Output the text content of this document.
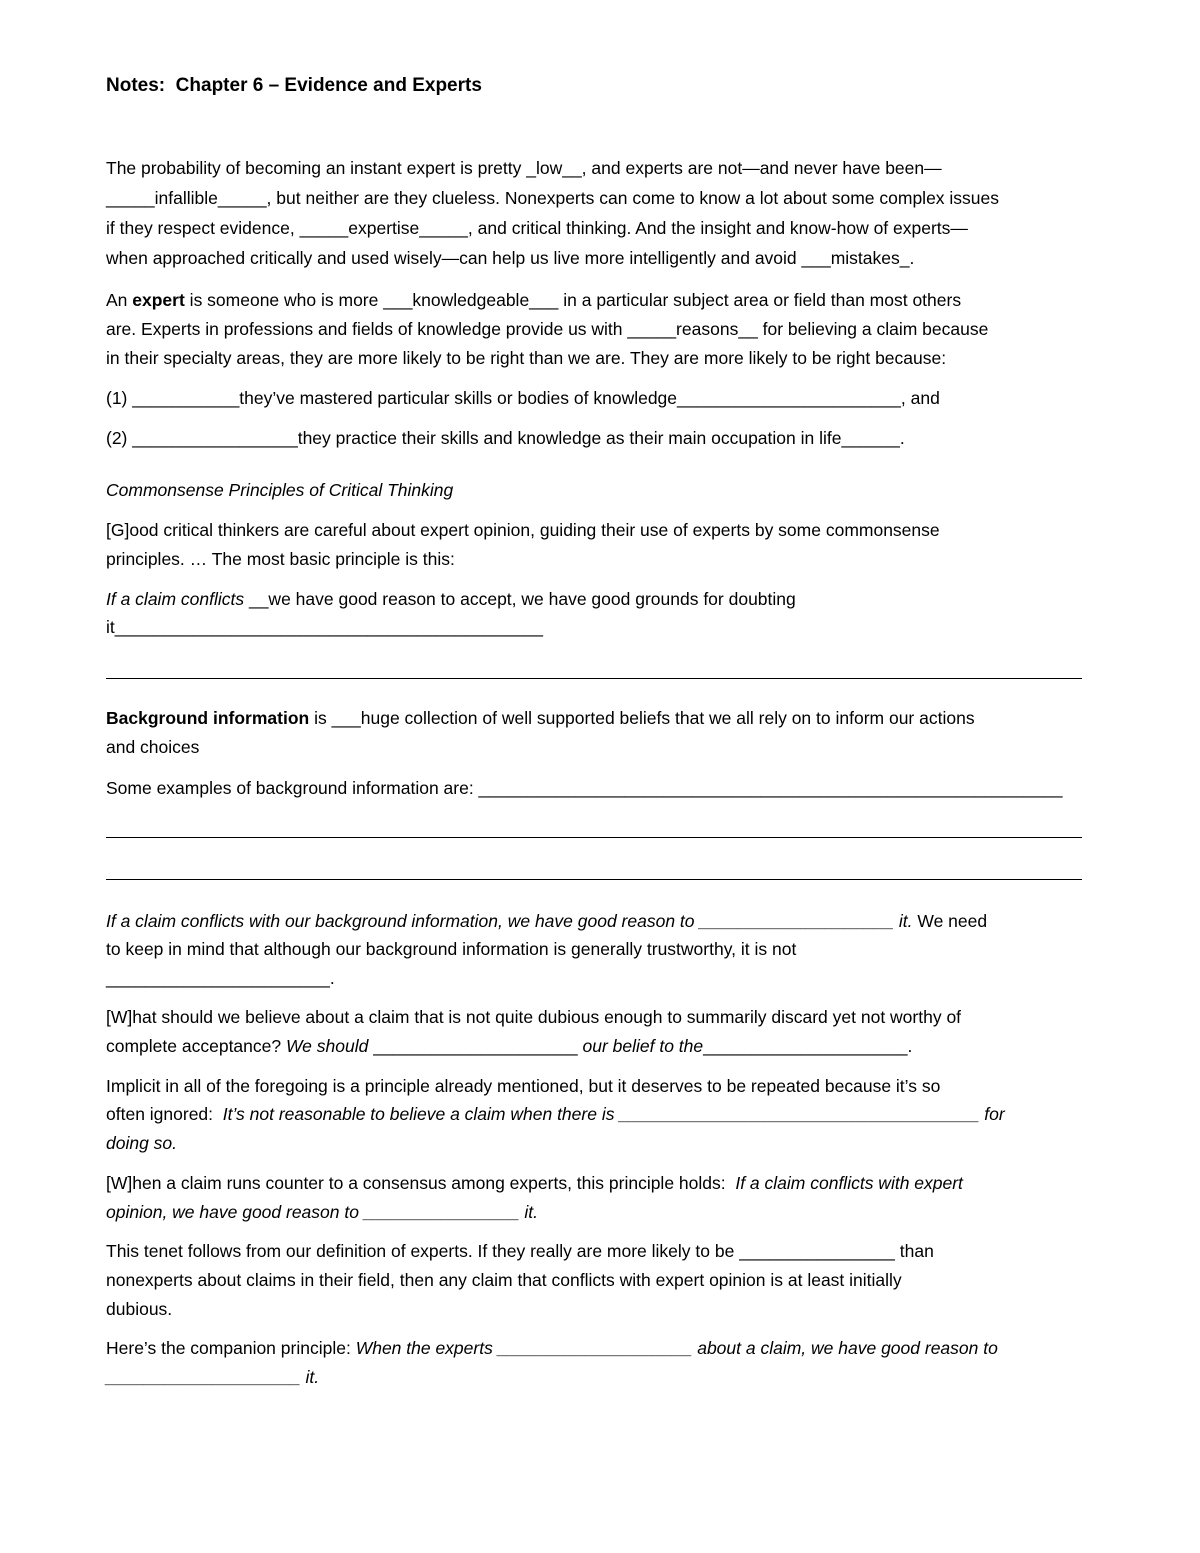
Notes:  Chapter 6 – Evidence and Experts
The probability of becoming an instant expert is pretty _low__, and experts are not—and never have been—
_____infallible_____, but neither are they clueless. Nonexperts can come to know a lot about some complex issues
if they respect evidence, _____expertise_____, and critical thinking. And the insight and know-how of experts—
when approached critically and used wisely—can help us live more intelligently and avoid ___mistakes_.
An expert is someone who is more ___knowledgeable___ in a particular subject area or field than most others
are. Experts in professions and fields of knowledge provide us with _____reasons__ for believing a claim because
in their specialty areas, they are more likely to be right than we are. They are more likely to be right because:
(1) ___________they’ve mastered particular skills or bodies of knowledge_______________________, and
(2) _________________they practice their skills and knowledge as their main occupation in life______.
Commonsense Principles of Critical Thinking
[G]ood critical thinkers are careful about expert opinion, guiding their use of experts by some commonsense
principles. … The most basic principle is this:
If a claim conflicts __we have good reason to accept, we have good grounds for doubting
it____________________________________________
Background information is ___huge collection of well supported beliefs that we all rely on to inform our actions
and choices
Some examples of background information are: ____________________________________________________________
If a claim conflicts with our background information, we have good reason to ____________________ it. We need
to keep in mind that although our background information is generally trustworthy, it is not
_______________________.
[W]hat should we believe about a claim that is not quite dubious enough to summarily discard yet not worthy of
complete acceptance? We should _____________________ our belief to the_____________________.
Implicit in all of the foregoing is a principle already mentioned, but it deserves to be repeated because it’s so
often ignored:  It’s not reasonable to believe a claim when there is _____________________________________ for
doing so.
[W]hen a claim runs counter to a consensus among experts, this principle holds:  If a claim conflicts with expert
opinion, we have good reason to ________________ it.
This tenet follows from our definition of experts. If they really are more likely to be ________________ than
nonexperts about claims in their field, then any claim that conflicts with expert opinion is at least initially
dubious.
Here’s the companion principle: When the experts ____________________ about a claim, we have good reason to
____________________ it.
